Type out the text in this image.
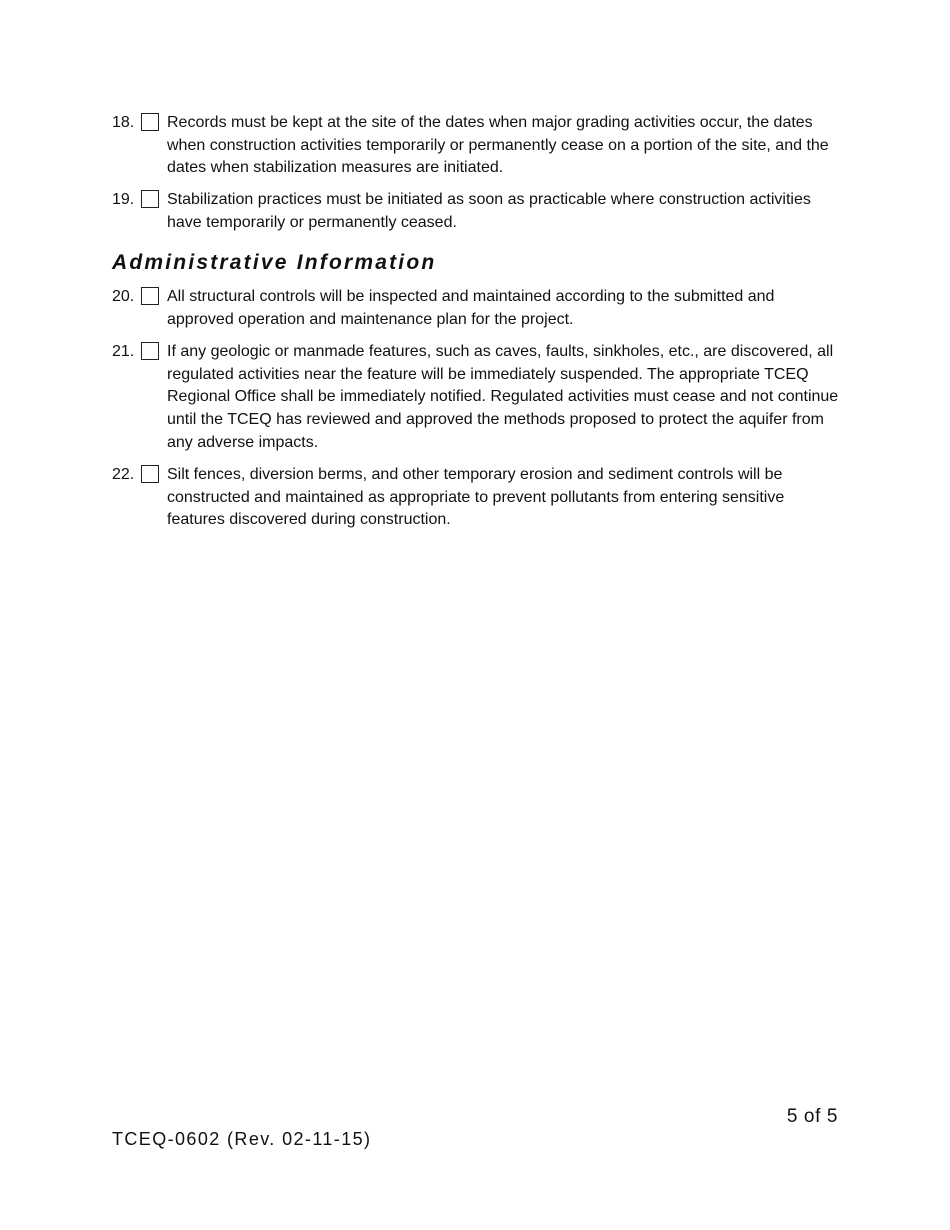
18. Records must be kept at the site of the dates when major grading activities occur, the dates when construction activities temporarily or permanently cease on a portion of the site, and the dates when stabilization measures are initiated.
19. Stabilization practices must be initiated as soon as practicable where construction activities have temporarily or permanently ceased.
Administrative Information
20. All structural controls will be inspected and maintained according to the submitted and approved operation and maintenance plan for the project.
21. If any geologic or manmade features, such as caves, faults, sinkholes, etc., are discovered, all regulated activities near the feature will be immediately suspended. The appropriate TCEQ Regional Office shall be immediately notified. Regulated activities must cease and not continue until the TCEQ has reviewed and approved the methods proposed to protect the aquifer from any adverse impacts.
22. Silt fences, diversion berms, and other temporary erosion and sediment controls will be constructed and maintained as appropriate to prevent pollutants from entering sensitive features discovered during construction.
5 of 5
TCEQ-0602 (Rev. 02-11-15)
